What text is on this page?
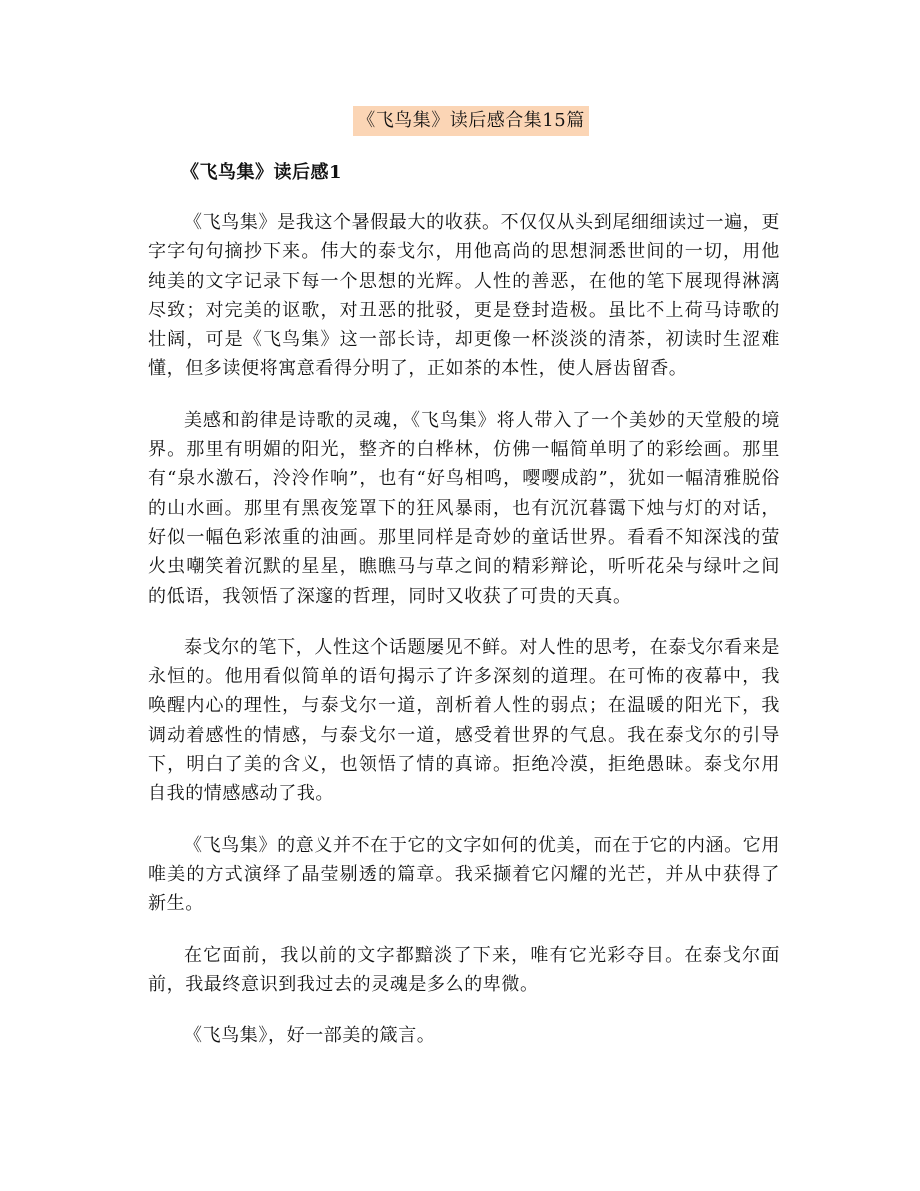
《飞鸟集》读后感合集15篇
《飞鸟集》读后感1

《飞鸟集》是我这个暑假最大的收获。不仅仅从头到尾细细读过一遍，更字字句句摘抄下来。伟大的泰戈尔，用他高尚的思想洞悉世间的一切，用他纯美的文字记录下每一个思想的光辉。人性的善恶，在他的笔下展现得淋漓尽致；对完美的讴歌，对丑恶的批驳，更是登封造极。虽比不上荷马诗歌的壮阔，可是《飞鸟集》这一部长诗，却更像一杯淡淡的清茶，初读时生涩难懂，但多读便将寓意看得分明了，正如茶的本性，使人唇齿留香。

美感和韵律是诗歌的灵魂，《飞鸟集》将人带入了一个美妙的天堂般的境界。那里有明媚的阳光，整齐的白桦林，仿佛一幅简单明了的彩绘画。那里有“泉水激石，泠泠作响”，也有“好鸟相鸣，嘤嘤成韵”，犹如一幅清雅脱俗的山水画。那里有黑夜笼罩下的狂风暴雨，也有沉沉暮霭下烛与灯的对话，好似一幅色彩浓重的油画。那里同样是奇妙的童话世界。看看不知深浅的萤火虫嘲笑着沉默的星星，瞧瞧马与草之间的精彩辩论，听听花朵与绿叶之间的低语，我领悟了深邃的哲理，同时又收获了可贵的天真。

泰戈尔的笔下，人性这个话题屡见不鲜。对人性的思考，在泰戈尔看来是永恒的。他用看似简单的语句揭示了许多深刻的道理。在可怖的夜幕中，我唤醒内心的理性，与泰戈尔一道，剖析着人性的弱点；在温暖的阳光下，我调动着感性的情感，与泰戈尔一道，感受着世界的气息。我在泰戈尔的引导下，明白了美的含义，也领悟了情的真谛。拒绝冷漠，拒绝愚昧。泰戈尔用自我的情感感动了我。

《飞鸟集》的意义并不在于它的文字如何的优美，而在于它的内涵。它用唯美的方式演绎了晶莹剔透的篇章。我采撷着它闪耀的光芒，并从中获得了新生。

在它面前，我以前的文字都黯淡了下来，唯有它光彩夺目。在泰戈尔面前，我最终意识到我过去的灵魂是多么的卑微。

《飞鸟集》，好一部美的箴言。
